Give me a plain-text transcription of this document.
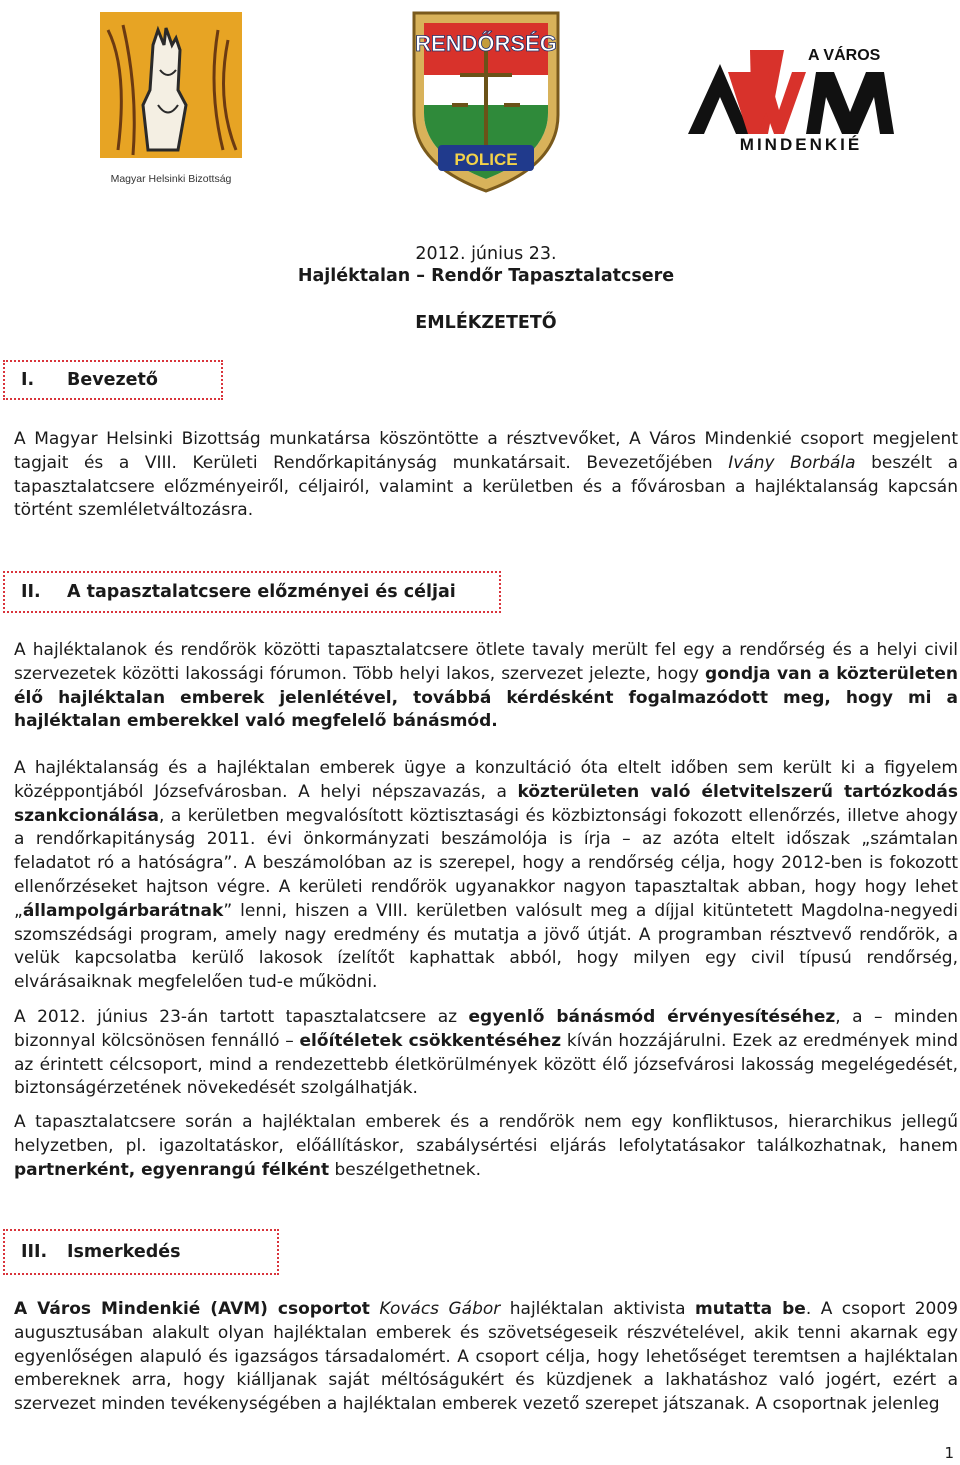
Magyar Helsinki Bizottság
RENDŐRSÉG
POLICE
A VÁROS
MINDENKIÉ
2012. június 23.
Hajléktalan – Rendőr Tapasztalatcsere
EMLÉKZETETŐ
I.	Bevezető
A Magyar Helsinki Bizottság munkatársa köszöntötte a résztvevőket, A Város Mindenkié csoport megjelent tagjait és a VIII. Kerületi Rendőrkapitányság munkatársait. Bevezetőjében Ivány Borbála beszélt a tapasztalatcsere előzményeiről, céljairól, valamint a kerületben és a fővárosban a hajléktalanság kapcsán történt szemléletváltozásra.
II.	A tapasztalatcsere előzményei és céljai
A hajléktalanok és rendőrök közötti tapasztalatcsere ötlete tavaly merült fel egy a rendőrség és a helyi civil szervezetek közötti lakossági fórumon. Több helyi lakos, szervezet jelezte, hogy gondja van a közterületen élő hajléktalan emberek jelenlétével, továbbá kérdésként fogalmazódott meg, hogy mi a hajléktalan emberekkel való megfelelő bánásmód.
A hajléktalanság és a hajléktalan emberek ügye a konzultáció óta eltelt időben sem került ki a figyelem középpontjából Józsefvárosban. A helyi népszavazás, a közterületen való életvitelszerű tartózkodás szankcionálása, a kerületben megvalósított köztisztasági és közbiztonsági fokozott ellenőrzés, illetve ahogy a rendőrkapitányság 2011. évi önkormányzati beszámolója is írja – az azóta eltelt időszak „számtalan feladatot ró a hatóságra”. A beszámolóban az is szerepel, hogy a rendőrség célja, hogy 2012-ben is fokozott ellenőrzéseket hajtson végre. A kerületi rendőrök ugyanakkor nagyon tapasztaltak abban, hogy hogy lehet „állampolgárbarátnak” lenni, hiszen a VIII. kerületben valósult meg a díjjal kitüntetett Magdolna-negyedi szomszédsági program, amely nagy eredmény és mutatja a jövő útját. A programban résztvevő rendőrök, a velük kapcsolatba kerülő lakosok ízelítőt kaphattak abból, hogy milyen egy civil típusú rendőrség, elvárásaiknak megfelelően tud-e működni.
A 2012. június 23-án tartott tapasztalatcsere az egyenlő bánásmód érvényesítéséhez, a – minden bizonnyal kölcsönösen fennálló – előítéletek csökkentéséhez kíván hozzájárulni. Ezek az eredmények mind az érintett célcsoport, mind a rendezettebb életkörülmények között élő józsefvárosi lakosság megelégedését, biztonságérzetének növekedését szolgálhatják.
A tapasztalatcsere során a hajléktalan emberek és a rendőrök nem egy konfliktusos, hierarchikus jellegű helyzetben, pl. igazoltatáskor, előállításkor, szabálysértési eljárás lefolytatásakor találkozhatnak, hanem partnerként, egyenrangú félként beszélgethetnek.
III.	Ismerkedés
A Város Mindenkié (AVM) csoportot Kovács Gábor hajléktalan aktivista mutatta be. A csoport 2009 augusztusában alakult olyan hajléktalan emberek és szövetségeseik részvételével, akik tenni akarnak egy egyenlőségen alapuló és igazságos társadalomért. A csoport célja, hogy lehetőséget teremtsen a hajléktalan embereknek arra, hogy kiálljanak saját méltóságukért és küzdjenek a lakhatáshoz való jogért, ezért a szervezet minden tevékenységében a hajléktalan emberek vezető szerepet játszanak. A csoportnak jelenleg
1
